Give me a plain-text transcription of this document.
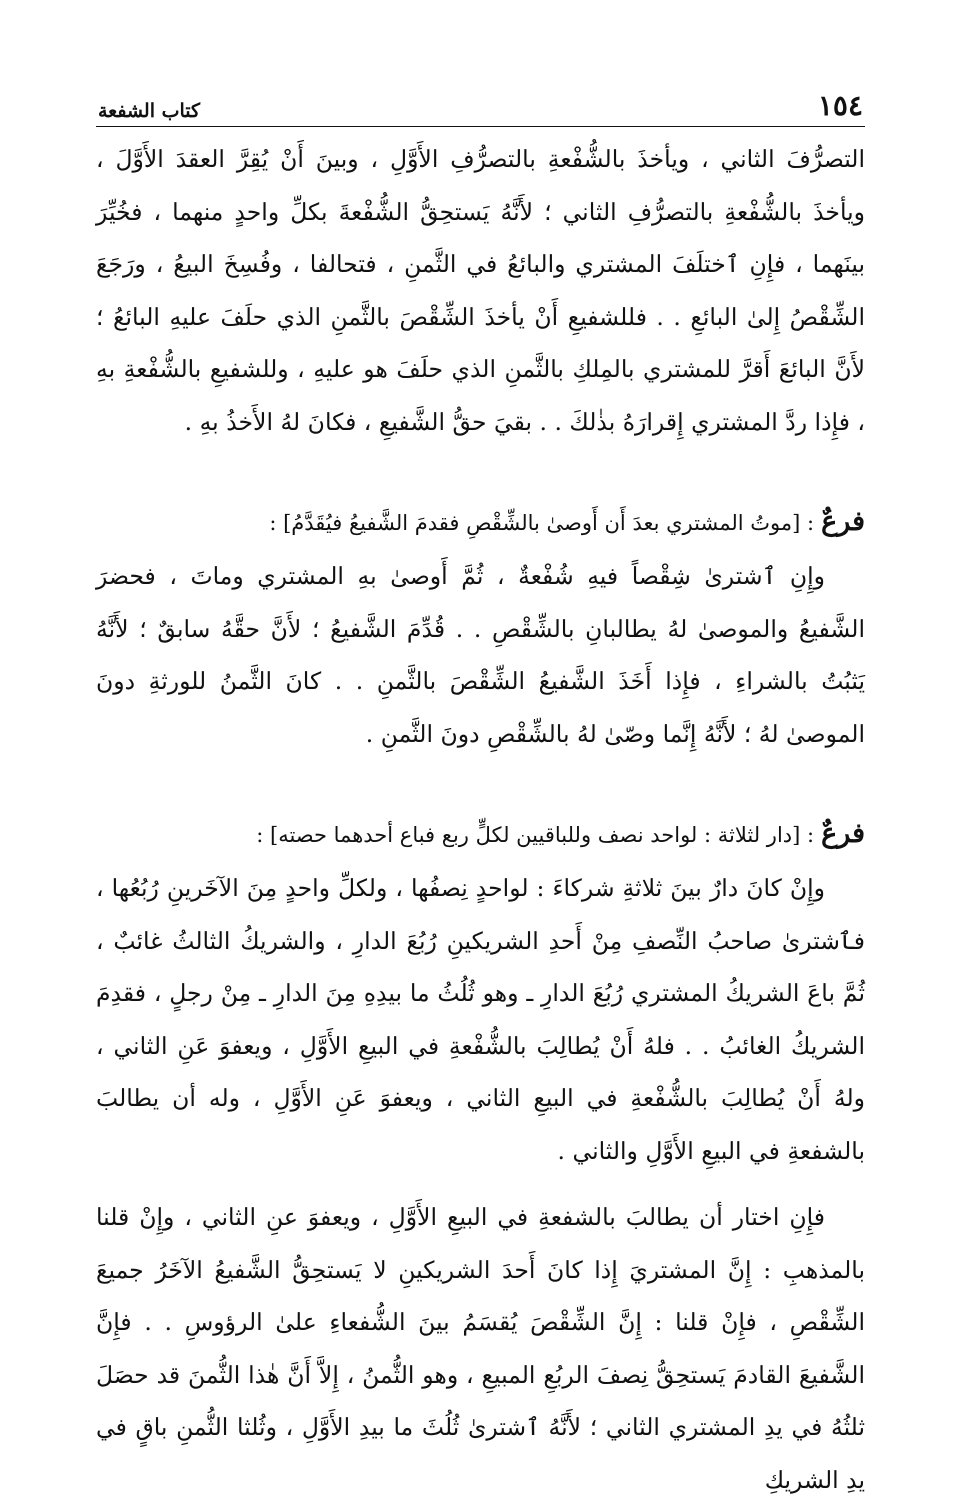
١٥٤
كتاب الشفعة

التصرُّفَ الثاني ، ويأخذَ بالشُّفْعةِ بالتصرُّفِ الأَوَّلِ ، وبينَ أَنْ يُقِرَّ العقدَ الأَوَّلَ ، ويأخذَ بالشُّفْعةِ بالتصرُّفِ الثاني ؛ لأَنَّهُ يَستحِقُّ الشُّفْعةَ بكلِّ واحدٍ منهما ، فخُيِّرَ بينَهما ، فإِنِ ٱختلَفَ المشتري والبائعُ في الثَّمنِ ، فتحالفا ، وفُسِخَ البيعُ ، ورَجَعَ الشِّقْصُ إِلىٰ البائعِ . . فللشفيعِ أَنْ يأخذَ الشِّقْصَ بالثَّمنِ الذي حلَفَ عليهِ البائعُ ؛ لأَنَّ البائعَ أَقرَّ للمشتري بالمِلكِ بالثَّمنِ الذي حلَفَ هو عليهِ ، وللشفيعِ بالشُّفْعةِ بهِ ، فإِذا ردَّ المشتري إِقرارَهُ بذٰلكَ . . بقيَ حقُّ الشَّفيعِ ، فكانَ لهُ الأَخذُ بهِ .

فرعٌ : [موتُ المشتري بعدَ أَن أَوصىٰ بالشِّقْصِ فقدمَ الشَّفيعُ فيُقَدَّمُ] :

وإِنِ ٱشترىٰ شِقْصاً فيهِ شُفْعةٌ ، ثُمَّ أَوصىٰ بهِ المشتري وماتَ ، فحضرَ الشَّفيعُ والموصىٰ لهُ يطالبانِ بالشِّقْصِ . . قُدِّمَ الشَّفيعُ ؛ لأَنَّ حقَّهُ سابقٌ ؛ لأَنَّهُ يَثبُتُ بالشراءِ ، فإِذا أَخَذَ الشَّفيعُ الشِّقْصَ بالثَّمنِ . . كانَ الثَّمنُ للورثةِ دونَ الموصىٰ لهُ ؛ لأَنَّهُ إِنَّما وصّىٰ لهُ بالشِّقْصِ دونَ الثَّمنِ .

فرعٌ : [دار لثلاثة : لواحد نصف وللباقيين لكلٍّ ربع فباع أحدهما حصته] :

وإِنْ كانَ دارٌ بينَ ثلاثةِ شركاءَ : لواحدٍ نِصفُها ، ولكلِّ واحدٍ مِنَ الآخَرينِ رُبُعُها ، فٱشترىٰ صاحبُ النِّصفِ مِنْ أَحدِ الشريكينِ رُبُعَ الدارِ ، والشريكُ الثالثُ غائبٌ ، ثُمَّ باعَ الشريكُ المشتري رُبُعَ الدارِ ـ وهو ثُلُثُ ما بيدِهِ مِنَ الدارِ ـ مِنْ رجلٍ ، فقدِمَ الشريكُ الغائبُ . . فلهُ أَنْ يُطالِبَ بالشُّفْعةِ في البيعِ الأَوَّلِ ، ويعفوَ عَنِ الثاني ، ولهُ أَنْ يُطالِبَ بالشُّفْعةِ في البيعِ الثاني ، ويعفوَ عَنِ الأَوَّلِ ، وله أن يطالبَ بالشفعةِ في البيعِ الأَوَّلِ والثاني .

فإِنِ اختار أن يطالبَ بالشفعةِ في البيعِ الأَوَّلِ ، ويعفوَ عنِ الثاني ، وإِنْ قلنا بالمذهبِ : إِنَّ المشتريَ إِذا كانَ أَحدَ الشريكينِ لا يَستحِقُّ الشَّفيعُ الآخَرُ جميعَ الشِّقْصِ ، فإِنْ قلنا : إِنَّ الشِّقْصَ يُقسَمُ بينَ الشُّفعاءِ علىٰ الرؤوسِ . . فإِنَّ الشَّفيعَ القادمَ يَستحِقُّ نِصفَ الربُعِ المبيعِ ، وهو الثُّمنُ ، إِلاَّ أَنَّ هٰذا الثُّمنَ قد حصَلَ ثلثُهُ في يدِ المشتري الثاني ؛ لأَنَّهُ ٱشترىٰ ثُلُثَ ما بيدِ الأَوَّلِ ، وثُلثا الثُّمنِ باقٍ في يدِ الشريكِ
